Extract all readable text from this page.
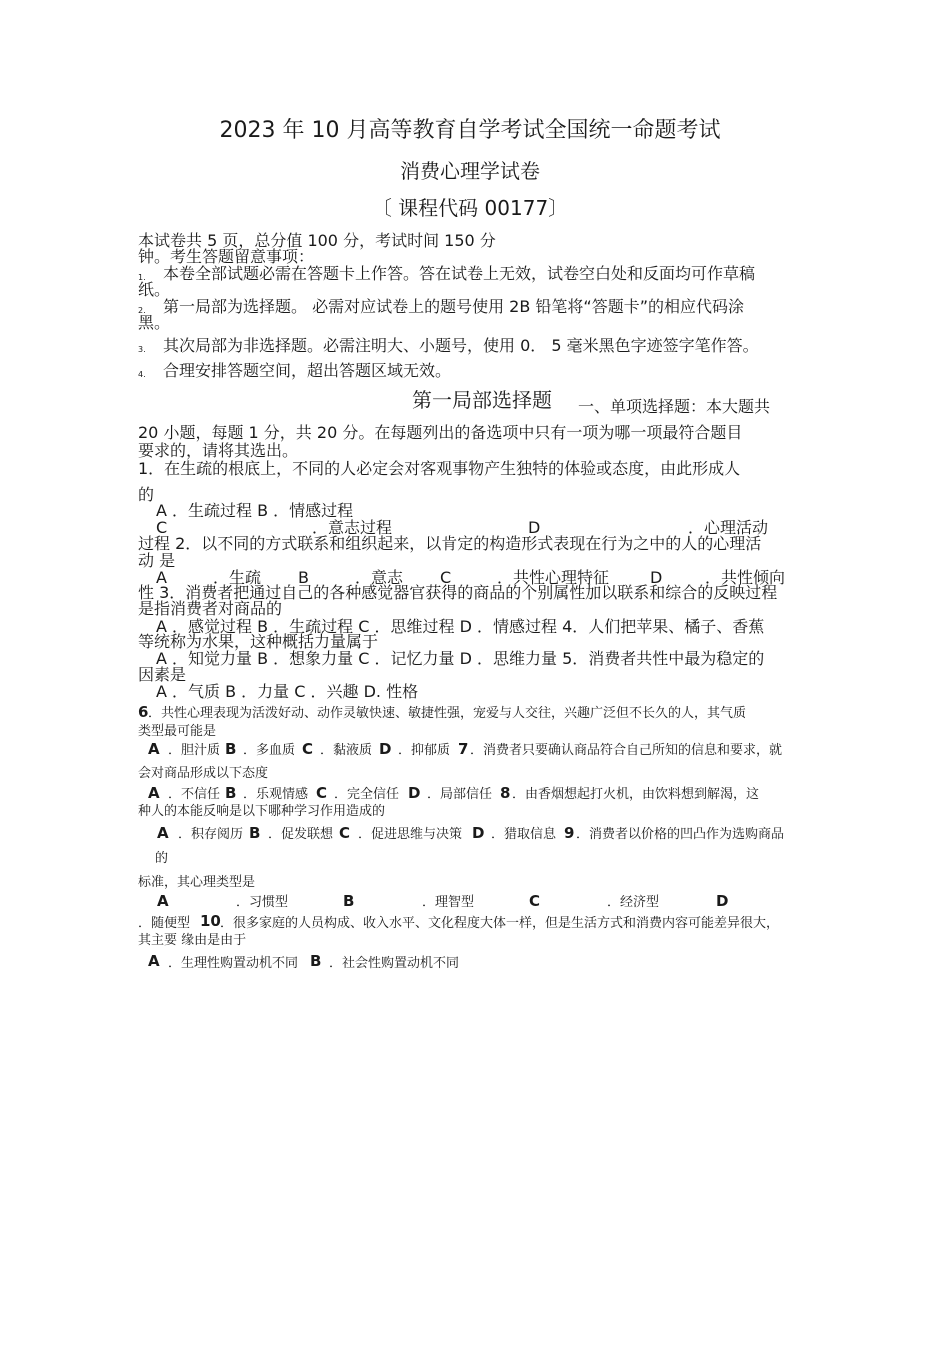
2023 年 10 月高等教育自学考试全国统一命题考试
消费心理学试卷
〔 课程代码 00177〕
本试卷共 5 页，总分值 100 分，考试时间 150 分
钟。考生答题留意事项：
1. 本卷全部试题必需在答题卡上作答。答在试卷上无效，试卷空白处和反面均可作草稿
纸。
2. 第一局部为选择题。 必需对应试卷上的题号使用 2B 铅笔将“答题卡”的相应代码涂
黑。
3. 其次局部为非选择题。必需注明大、小题号，使用 0． 5 毫米黑色字迹签字笔作答。
4. 合理安排答题空间，超出答题区域无效。
第一局部选择题 一、单项选择题：本大题共
20 小题，每题 1 分，共 20 分。在每题列出的备选项中只有一项为哪一项最符合题目
要求的，请将其选出。
1．在生疏的根底上，不同的人必定会对客观事物产生独特的体验或态度，由此形成人
的
A ．生疏过程 B ．情感过程
C	．意志过程	D	．心理活动
过程 2．以不同的方式联系和组织起来，以肯定的构造形式表现在行为之中的人的心理活
动 是
A	．生疏 B	．意志 C	．共性心理特征	D	．共性倾向
性 3．消费者把通过自己的各种感觉器官获得的商品的个别属性加以联系和综合的反映过程
是指消费者对商品的
A ．感觉过程 B ．生疏过程 C ．思维过程 D ．情感过程 4．人们把苹果、橘子、香蕉
等统称为水果，这种概括力量属于
A ．知觉力量 B ．想象力量 C ．记忆力量 D ．思维力量 5．消费者共性中最为稳定的
因素是
A ．气质 B ．力量 C ．兴趣 D. 性格
6 ．共性心理表现为活泼好动、动作灵敏快速、敏捷性强，宠爱与人交往，兴趣广泛但不长久的人，其气质
类型最可能是
A ．胆汁质 B ．多血质 C ．黏液质 D ．抑郁质 7 ．消费者只要确认商品符合自己所知的信息和要求，就
会对商品形成以下态度
A ．不信任 B ．乐观情感 C ．完全信任 D ．局部信任 8 ．由香烟想起打火机，由饮料想到解渴，这
种人的本能反响是以下哪种学习作用造成的
A ．积存阅历 B ．促发联想 C ．促进思维与决策 D ．猎取信息 9 ．消费者以价格的凹凸作为选购商品
的
标准，其心理类型是
A	．习惯型	B	．理智型	C	．经济型	D
．随便型 10 ．很多家庭的人员构成、收入水平、文化程度大体一样，但是生活方式和消费内容可能差异很大，
其主要 缘由是由于
A ．生理性购置动机不同 B ．社会性购置动机不同
